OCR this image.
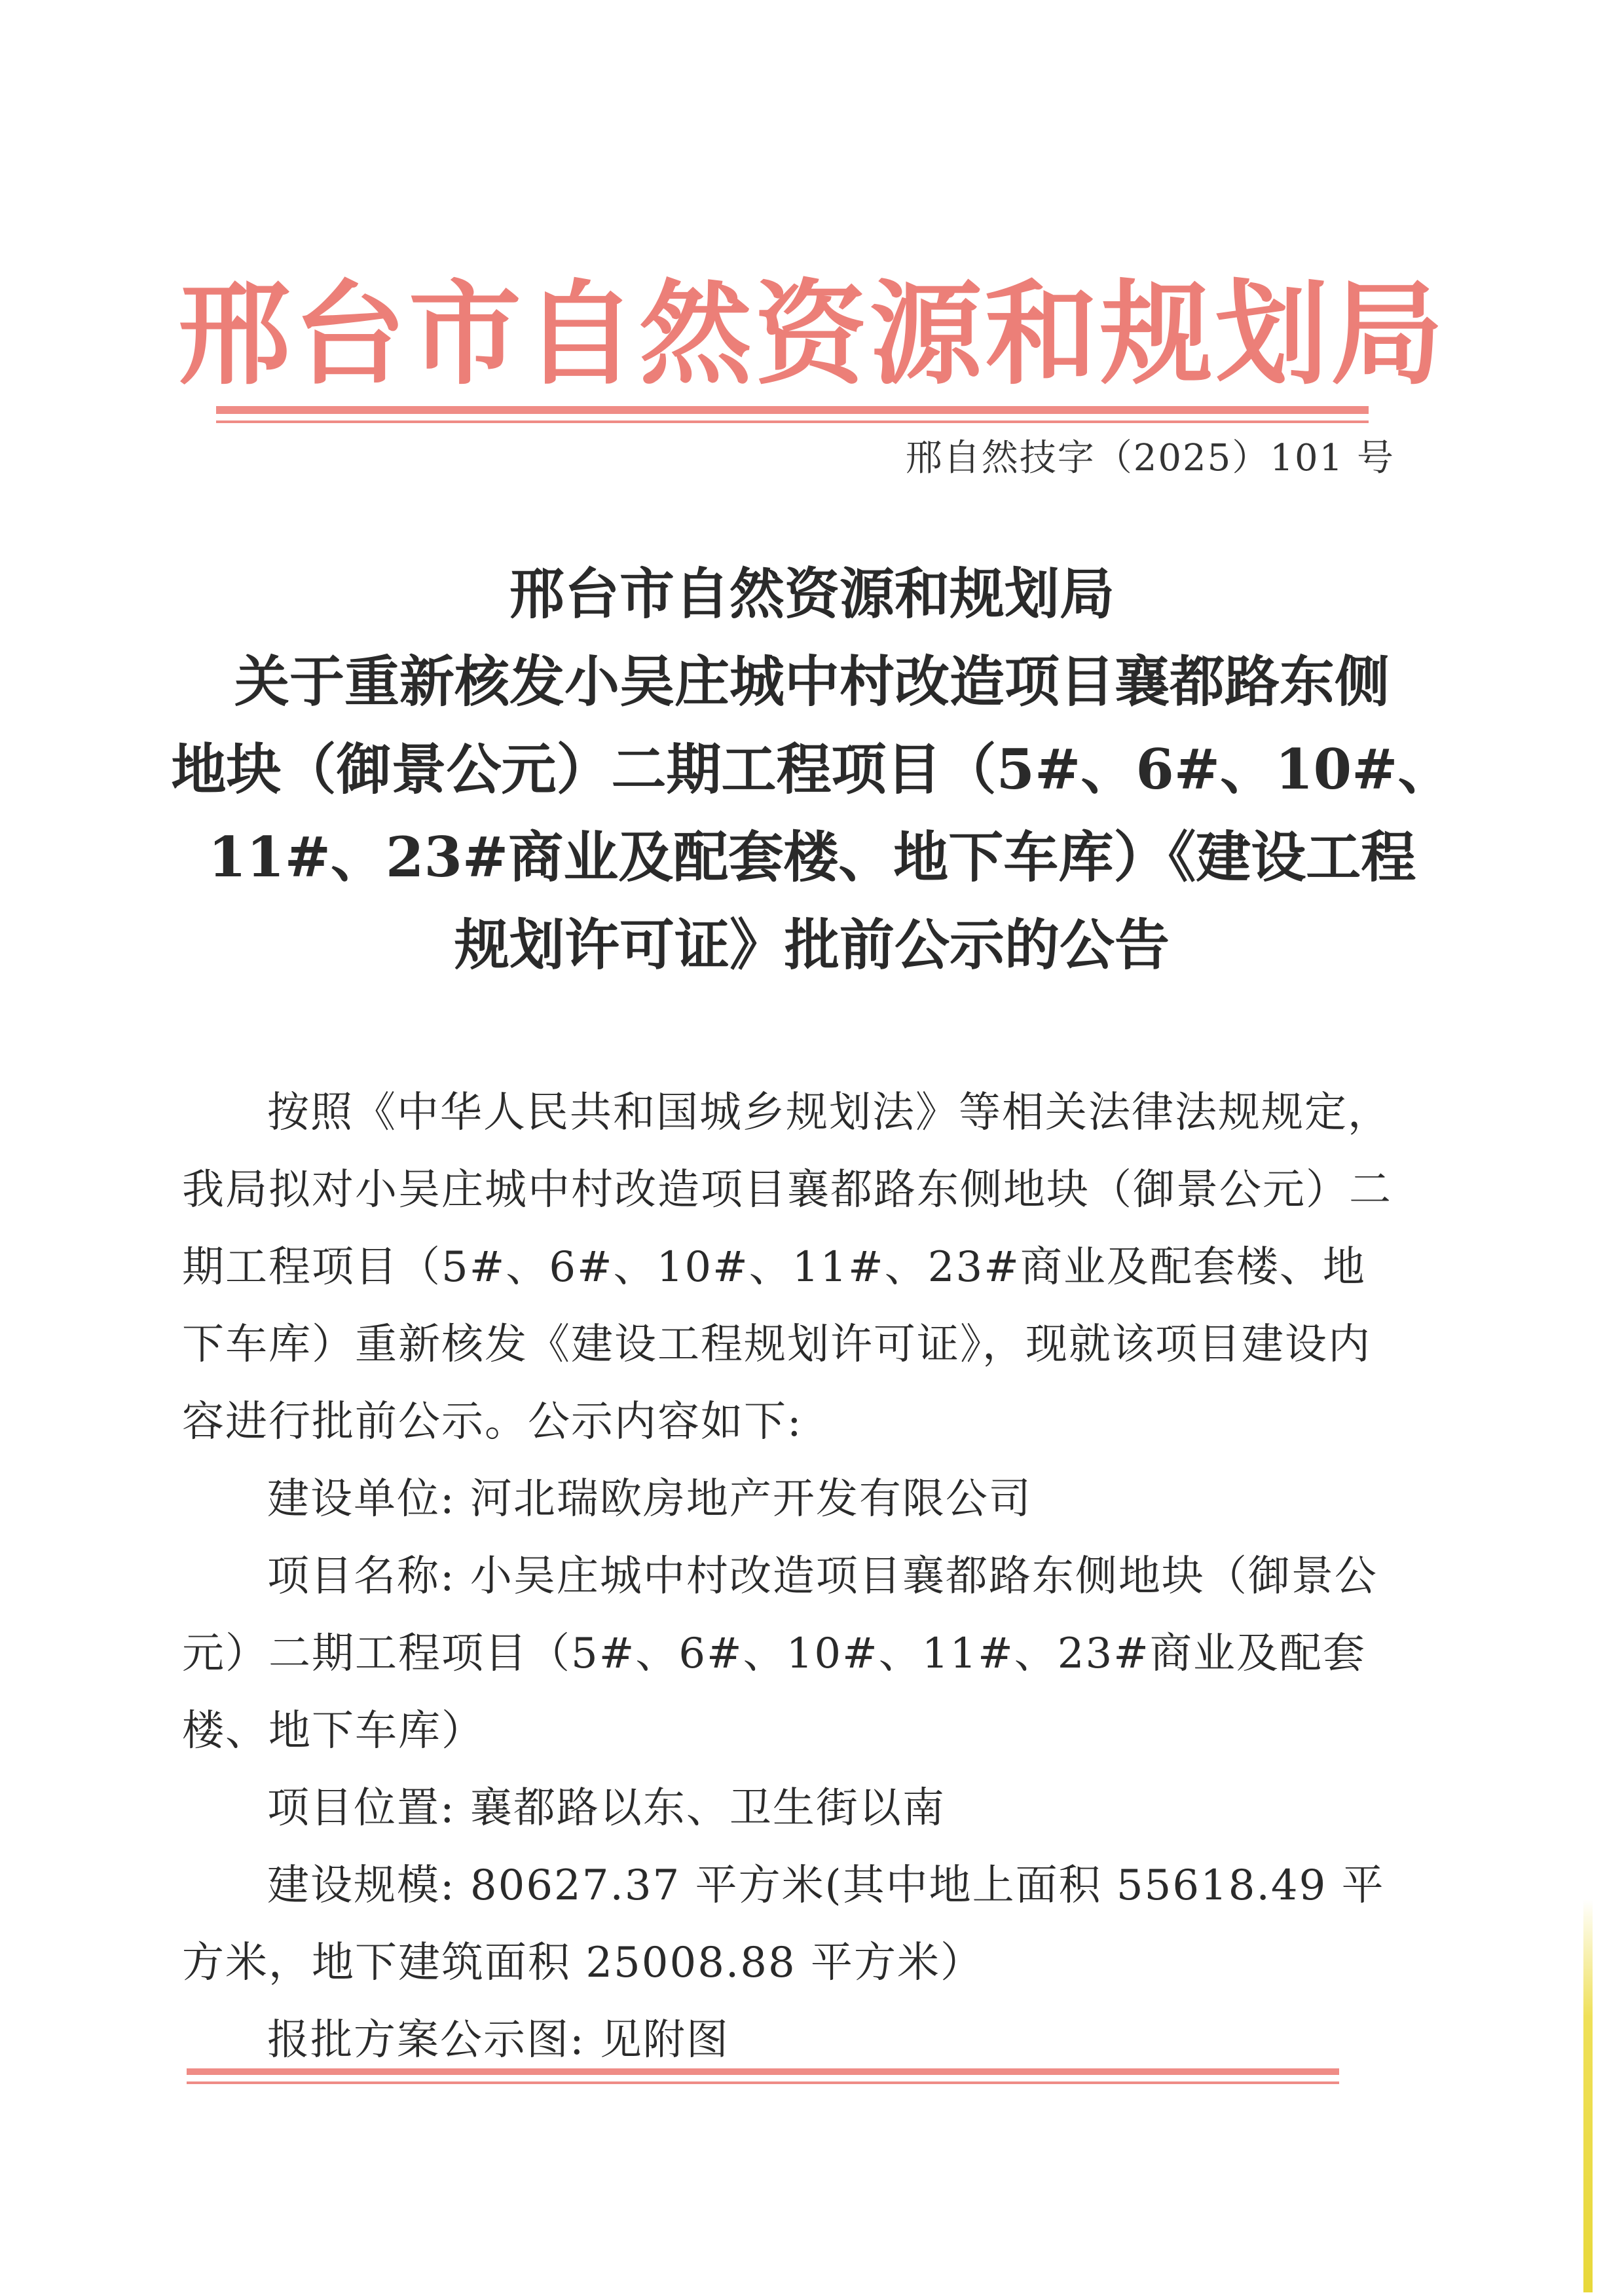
邢台市自然资源和规划局
邢自然技字（2025）101 号
邢台市自然资源和规划局
关于重新核发小吴庄城中村改造项目襄都路东侧
地块（御景公元）二期工程项目（5#、6#、10#、
11#、23#商业及配套楼、地下车库）《建设工程
规划许可证》批前公示的公告

按照《中华人民共和国城乡规划法》等相关法律法规规定，我局拟对小吴庄城中村改造项目襄都路东侧地块（御景公元）二期工程项目（5#、6#、10#、11#、23#商业及配套楼、地下车库）重新核发《建设工程规划许可证》，现就该项目建设内容进行批前公示。公示内容如下:

建设单位: 河北瑞欧房地产开发有限公司

项目名称: 小吴庄城中村改造项目襄都路东侧地块（御景公元）二期工程项目（5#、6#、10#、11#、23#商业及配套楼、地下车库）

项目位置: 襄都路以东、卫生街以南

建设规模: 80627.37 平方米(其中地上面积 55618.49 平方米，地下建筑面积 25008.88 平方米）

报批方案公示图: 见附图
